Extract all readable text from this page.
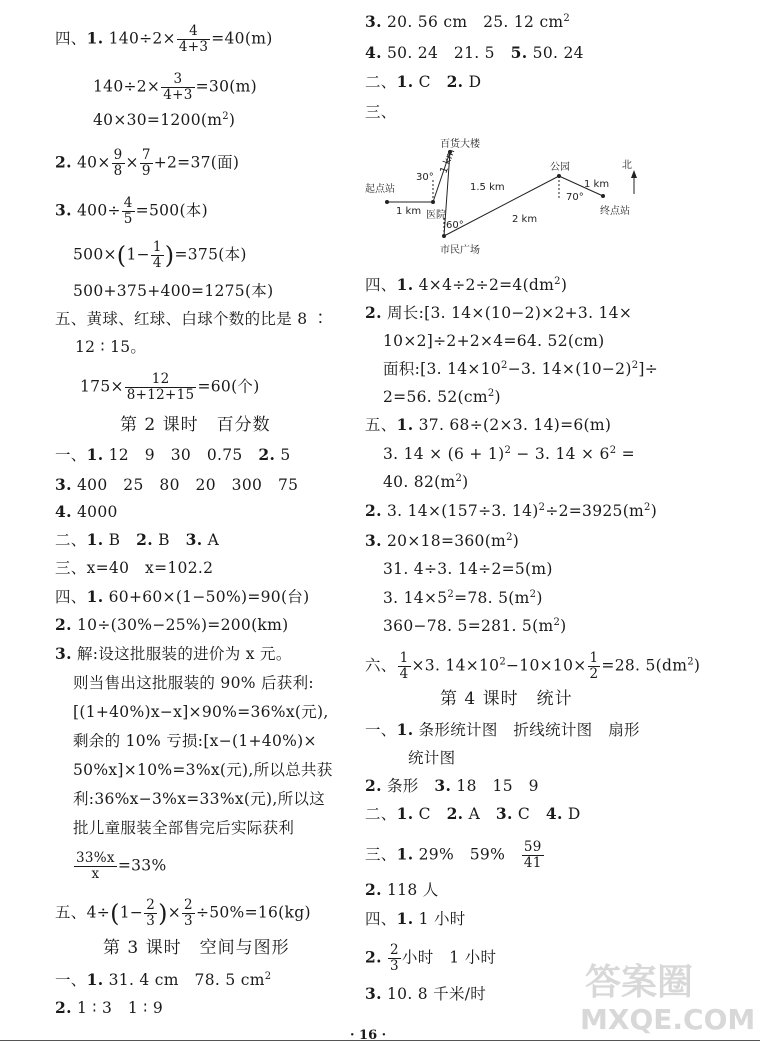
四、1. $140\div 2\times \frac{4}{4+3} =40(m)$
$140\div 2\times \frac{3}{4+3} =30(m)$
$40\times 30=1200(m^2)$
2. $40\times \frac{9}{8} \times \frac{7}{9} +2=37$(面)
3. $400\div \frac{4}{5} =500$(本)
$500\times(1- \frac{1}{4} )=375$(本)
500+375+400=1275(本)
五、黄球、红球、白球个数的比是 8 ∶
12 ∶ 15。
$175\times \frac{12}{8+12+15} =60$(个)
第 2 课时　百分数
一、1. 12　9　30　0.75　 2. 5
3. 400　25　80　20　300　75
4. 4000
二、1. B　 2. B　 3. A
三、x=40　x=102.2
四、1. 60+60×(1−50%)=90(台)
2. 10÷(30%−25%)=200(km)
3. 解:设这批服装的进价为 x 元。
则当售出这批服装的 90% 后获利:
[(1+40%)x−x]×90%=36%x(元),
剩余的 10% 亏损:[x−(1+40%)×
50%x]×10%=3%x(元),所以总共获
利:36%x−3%x=33%x(元),所以这
批儿童服装全部售完后实际获利
$\frac{33\%x}{x} =33\%$
五、$4\div(1- \frac{2}{3}$ )× $\frac{2}{3} \div 50\%=16(kg)$
第 3 课时　空间与图形
一、1. 31. 4 cm　78. 5 $cm^2$
2. 1 ∶ 3　1 ∶ 9
3. 20. 56 cm　25. 12 $cm^2$
4. 50. 24　21. 5　5. 50. 24
二、1. C　2. D
三、
起点站
医院
市民广场
百货大楼
公园
终点站
北
1 km
1 km
1.5 km
2 km
1 km
30°
60°
70°
四、1. $4\times 4\div 2\div 2=4(dm^2)$
2. 周长:[3. 14×(10−2)×2+3. 14×
10×2]÷2+2×4=64. 52(cm)
面积:[3. $14\times 10^2-3$. $14\times(10-2)^2]\div$
2=56. $52(cm^2)$
五、1. 37. 68÷(2×3. 14)=6(m)
3. $14 \times (6 + 1)^2 - 3$. $14 \times 6^2$ =
40. $82(m^2)$
2. 3. 14×(157÷3. $14)^2\div 2=3925(m^2)$
3. $20\times 18=360(m^2)$
31. 4÷3. 14÷2=5(m)
3. $14\times 5^2=78$. $5(m^2)$
360−78. 5=281. $5(m^2)$
六、 $\frac{1}{4} \times 3$. $14\times 10^2-10\times 10\times \frac{1}{2} =28$. $5(dm^2)$
第 4 课时　统计
一、1. 条形统计图　折线统计图　扇形
统计图
2. 条形　3. 18　15　9
二、1. C　2. A　3. C　4. D
三、1. 29%　59%　 $\frac{59}{41}$
2. 118 人
四、1. 1 小时
2. $\frac{2}{3}$ 小时　1 小时
3. 10. 8 千米/时	答案圈
MXQE.COM
· 16 ·
